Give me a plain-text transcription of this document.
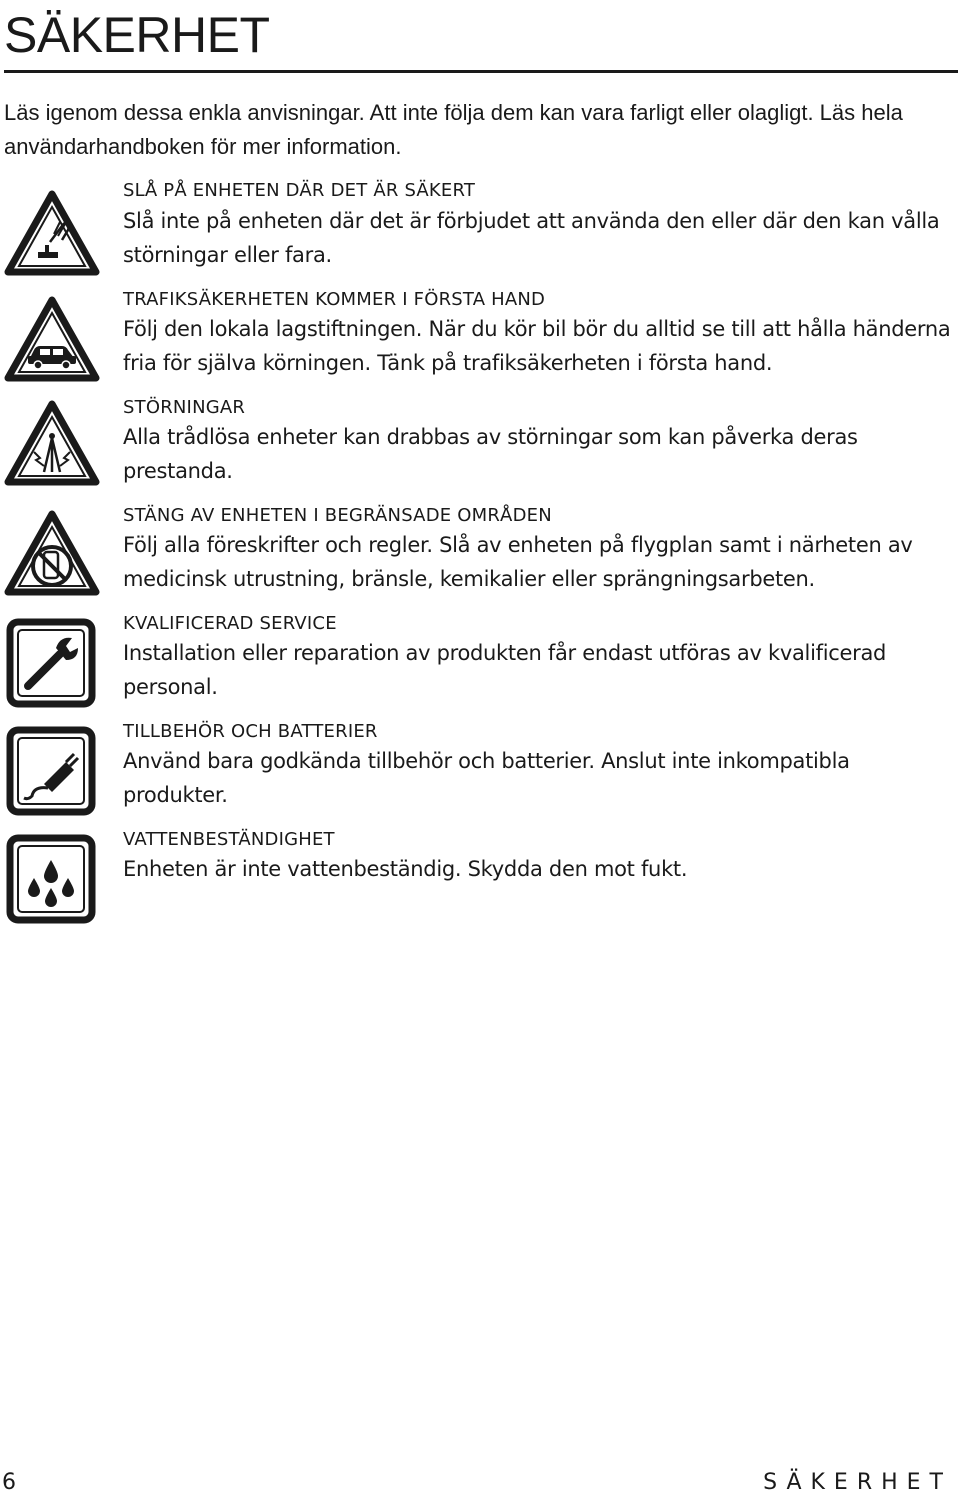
SÄKERHET

Läs igenom dessa enkla anvisningar. Att inte följa dem kan vara farligt eller olagligt. Läs hela användarhandboken för mer information.

SLÅ PÅ ENHETEN DÄR DET ÄR SÄKERT

Slå inte på enheten där det är förbjudet att använda den eller där den kan vålla störningar eller fara.

TRAFIKSÄKERHETEN KOMMER I FÖRSTA HAND

Följ den lokala lagstiftningen. När du kör bil bör du alltid se till att hålla händerna fria för själva körningen. Tänk på trafiksäkerheten i första hand.

STÖRNINGAR

Alla trådlösa enheter kan drabbas av störningar som kan påverka deras prestanda.

STÄNG AV ENHETEN I BEGRÄNSADE OMRÅDEN

Följ alla föreskrifter och regler. Slå av enheten på flygplan samt i närheten av medicinsk utrustning, bränsle, kemikalier eller sprängningsarbeten.

KVALIFICERAD SERVICE

Installation eller reparation av produkten får endast utföras av kvalificerad personal.

TILLBEHÖR OCH BATTERIER

Använd bara godkända tillbehör och batterier. Anslut inte inkompatibla produkter.

VATTENBESTÄNDIGHET

Enheten är inte vattenbeständig. Skydda den mot fukt.

6	SÄKERHET
